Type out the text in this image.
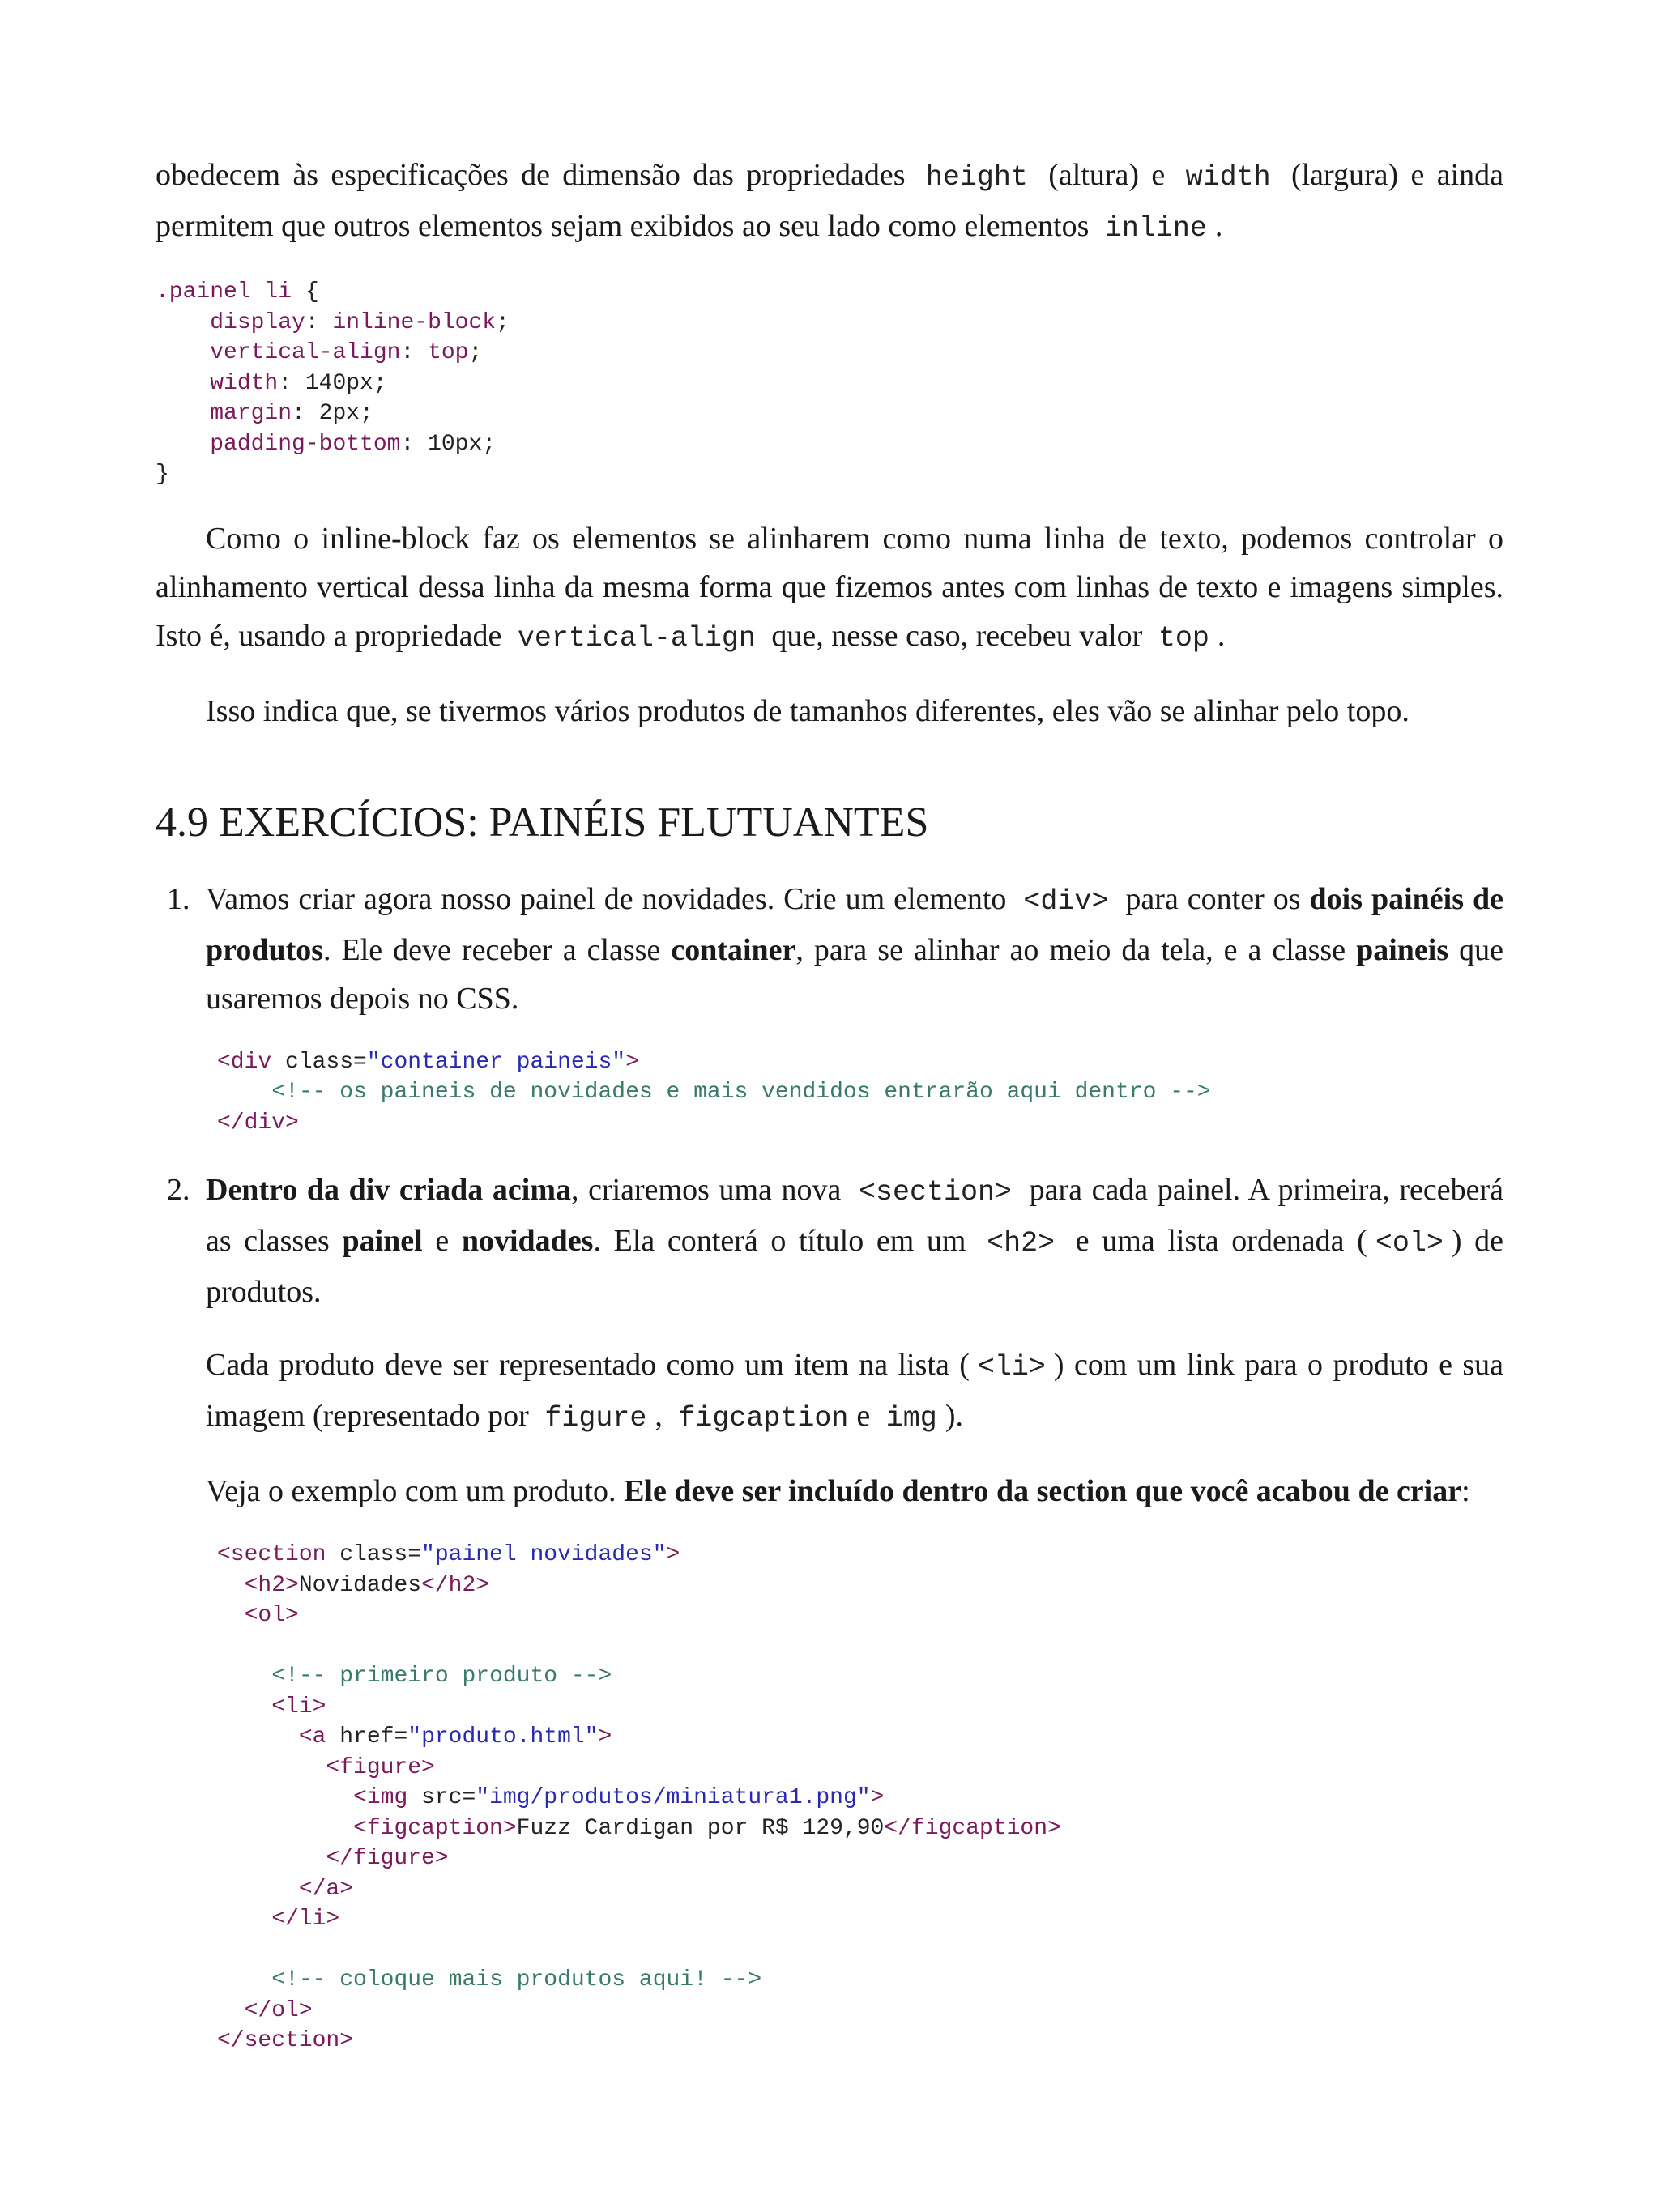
obedecem às especificações de dimensão das propriedades height (altura) e width (largura) e ainda permitem que outros elementos sejam exibidos ao seu lado como elementos inline .

.painel li {
display: inline-block;
vertical-align: top;
width: 140px;
margin: 2px;
padding-bottom: 10px;
}

Como o inline-block faz os elementos se alinharem como numa linha de texto, podemos controlar o alinhamento vertical dessa linha da mesma forma que fizemos antes com linhas de texto e imagens simples. Isto é, usando a propriedade vertical-align que, nesse caso, recebeu valor top .

Isso indica que, se tivermos vários produtos de tamanhos diferentes, eles vão se alinhar pelo topo.

4.9 EXERCÍCIOS: PAINÉIS FLUTUANTES
1. Vamos criar agora nosso painel de novidades. Crie um elemento <div> para conter os dois painéis de produtos. Ele deve receber a classe container, para se alinhar ao meio da tela, e a classe paineis que usaremos depois no CSS.

<div class="container paineis">
<!-- os paineis de novidades e mais vendidos entrarão aqui dentro -->
</div>
2. Dentro da div criada acima, criaremos uma nova <section> para cada painel. A primeira, receberá as classes painel e novidades. Ela conterá o título em um <h2> e uma lista ordenada ( <ol> ) de produtos.

Cada produto deve ser representado como um item na lista ( <li> ) com um link para o produto e sua imagem (representado por figure , figcaption e img ).

Veja o exemplo com um produto. Ele deve ser incluído dentro da section que você acabou de criar:

<section class="painel novidades">
<h2>Novidades</h2>
<ol>

<!-- primeiro produto -->
<li>
<a href="produto.html">
<figure>
<img src="img/produtos/miniatura1.png">
<figcaption>Fuzz Cardigan por R$ 129,90</figcaption>
</figure>
</a>
</li>

<!-- coloque mais produtos aqui! -->
</ol>
</section>
